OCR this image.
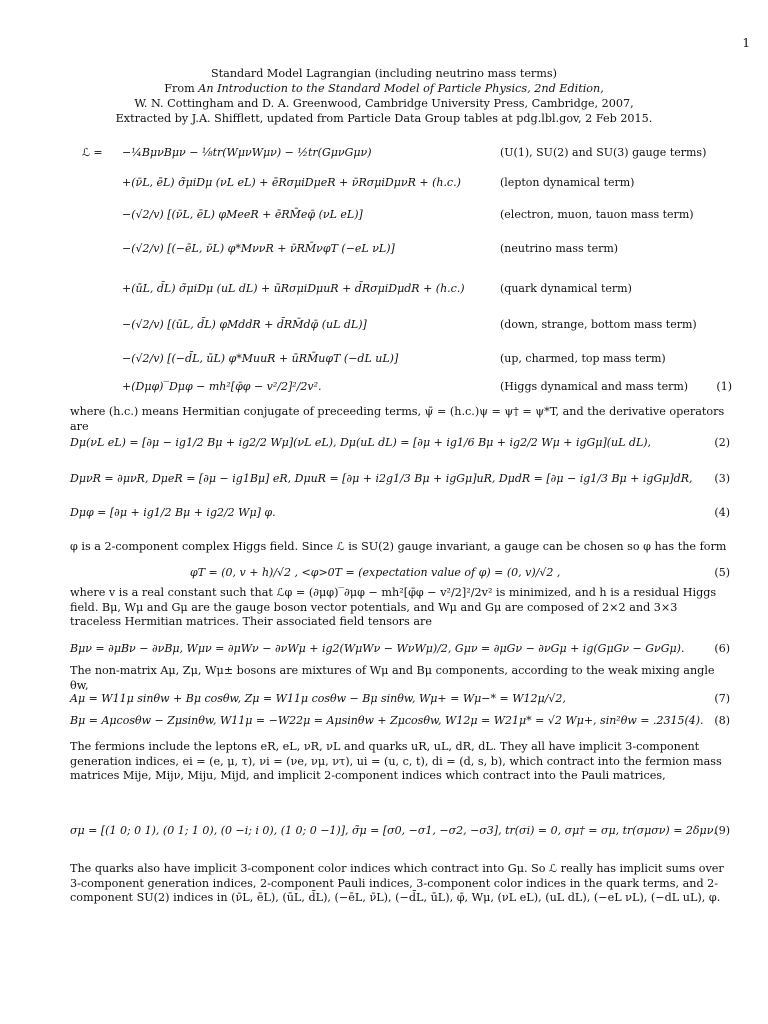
1
Standard Model Lagrangian (including neutrino mass terms)
From An Introduction to the Standard Model of Particle Physics, 2nd Edition,
W. N. Cottingham and D. A. Greenwood, Cambridge University Press, Cambridge, 2007,
Extracted by J.A. Shifflett, updated from Particle Data Group tables at pdg.lbl.gov, 2 Feb 2015.
ℒ =	−¼BμνBμν − ⅛tr(WμνWμν) − ½tr(GμνGμν)	(U(1), SU(2) and SU(3) gauge terms)
+(ν̄L, ēL) σ̃μiDμ (νL eL) + ēRσμiDμeR + ν̄RσμiDμνR + (h.c.)	(lepton dynamical term)
−(√2/v) [(ν̄L, ēL) φMeeR + ēRM̄eφ̄ (νL eL)]	(electron, muon, tauon mass term)
−(√2/v) [(−ēL, ν̄L) φ*MννR + ν̄RM̄νφT (−eL νL)]	(neutrino mass term)
+(ūL, d̄L) σ̃μiDμ (uL dL) + ūRσμiDμuR + d̄RσμiDμdR + (h.c.)	(quark dynamical term)
−(√2/v) [(ūL, d̄L) φMddR + d̄RM̄dφ̄ (uL dL)]	(down, strange, bottom mass term)
−(√2/v) [(−d̄L, ūL) φ*MuuR + ūRM̄uφT (−dL uL)]	(up, charmed, top mass term)
+(Dμφ)‾Dμφ − mh²[φ̄φ − v²/2]²/2v².	(Higgs dynamical and mass term)	(1)
where (h.c.) means Hermitian conjugate of preceeding terms, ψ̄ = (h.c.)ψ = ψ† = ψ*T, and the derivative operators are
Dμ(νL eL) = [∂μ − ig1/2 Bμ + ig2/2 Wμ](νL eL), Dμ(uL dL) = [∂μ + ig1/6 Bμ + ig2/2 Wμ + igGμ](uL dL),	(2)
DμνR = ∂μνR, DμeR = [∂μ − ig1Bμ] eR, DμuR = [∂μ + i2g1/3 Bμ + igGμ]uR, DμdR = [∂μ − ig1/3 Bμ + igGμ]dR, (3)
Dμφ = [∂μ + ig1/2 Bμ + ig2/2 Wμ] φ.	(4)
φ is a 2-component complex Higgs field. Since ℒ is SU(2) gauge invariant, a gauge can be chosen so φ has the form
φT = (0, v + h)/√2 , <φ>0T = (expectation value of φ) = (0, v)/√2 ,	(5)
where v is a real constant such that ℒφ = (∂μφ)‾∂μφ − mh²[φ̄φ − v²/2]²/2v² is minimized, and h is a residual Higgs field. Bμ, Wμ and Gμ are the gauge boson vector potentials, and Wμ and Gμ are composed of 2×2 and 3×3 traceless Hermitian matrices. Their associated field tensors are
Bμν = ∂μBν − ∂νBμ, Wμν = ∂μWν − ∂νWμ + ig2(WμWν − WνWμ)/2, Gμν = ∂μGν − ∂νGμ + ig(GμGν − GνGμ).	(6)
The non-matrix Aμ, Zμ, Wμ± bosons are mixtures of Wμ and Bμ components, according to the weak mixing angle θw,
Aμ = W11μ sinθw + Bμ cosθw, Zμ = W11μ cosθw − Bμ sinθw, Wμ+ = Wμ−* = W12μ/√2,	(7)
Bμ = Aμcosθw − Zμsinθw, W11μ = −W22μ = Aμsinθw + Zμcosθw, W12μ = W21μ* = √2 Wμ+, sin²θw = .2315(4). (8)
The fermions include the leptons eR, eL, νR, νL and quarks uR, uL, dR, dL. They all have implicit 3-component generation indices, ei = (e, μ, τ), νi = (νe, νμ, ντ), ui = (u, c, t), di = (d, s, b), which contract into the fermion mass matrices Mije, Mijν, Miju, Mijd, and implicit 2-component indices which contract into the Pauli matrices,
σμ = [(1 0; 0 1), (0 1; 1 0), (0 −i; i 0), (1 0; 0 −1)], σ̃μ = [σ0, −σ1, −σ2, −σ3], tr(σi) = 0, σμ† = σμ, tr(σμσν) = 2δμν.
(9)
The quarks also have implicit 3-component color indices which contract into Gμ. So ℒ really has implicit sums over 3-component generation indices, 2-component Pauli indices, 3-component color indices in the quark terms, and 2-component SU(2) indices in (ν̄L, ēL), (ūL, d̄L), (−ēL, ν̄L), (−d̄L, ūL), φ̄, Wμ, (νL eL), (uL dL), (−eL νL), (−dL uL), φ.
